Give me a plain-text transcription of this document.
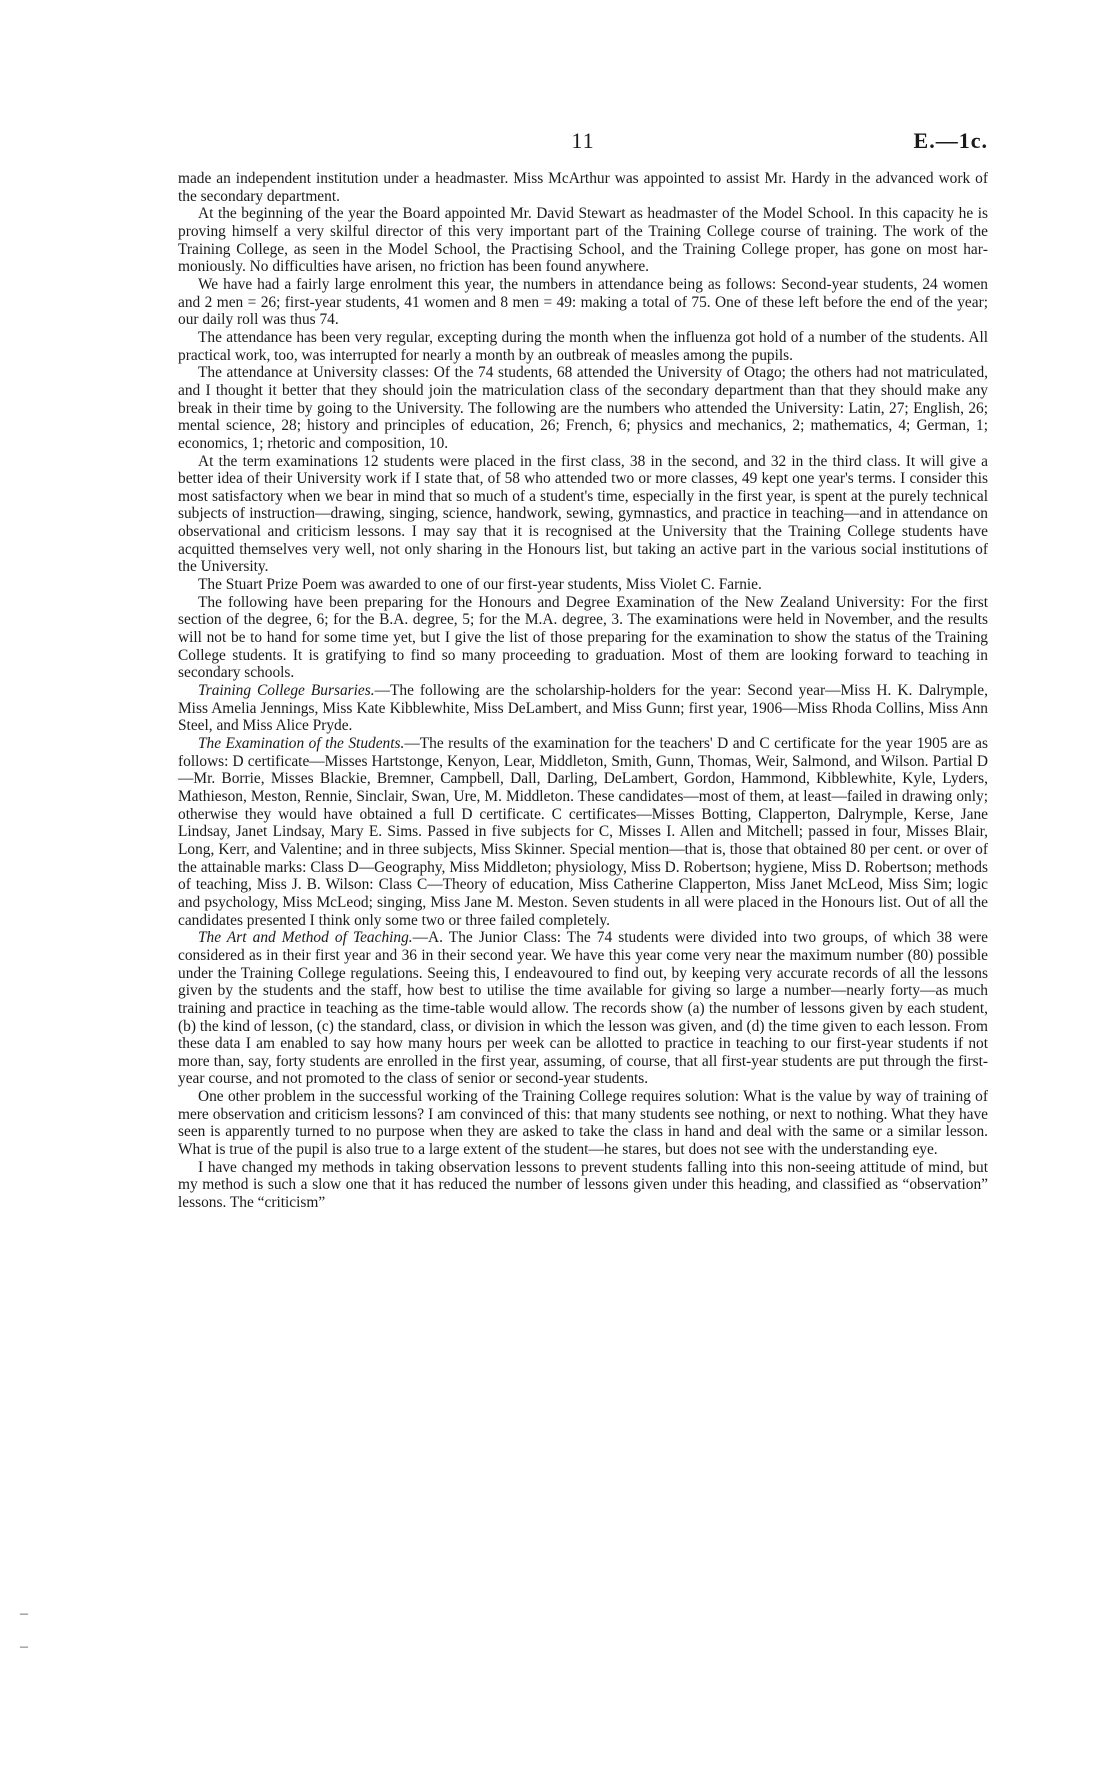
11	E.—1c.

made an independent institution under a headmaster. Miss McArthur was appointed to assist Mr. Hardy in the advanced work of the secondary department.

At the beginning of the year the Board appointed Mr. David Stewart as headmaster of the Model School. In this capacity he is proving himself a very skilful director of this very important part of the Training College course of training. The work of the Training College, as seen in the Model School, the Practising School, and the Training College proper, has gone on most harmoniously. No difficulties have arisen, no friction has been found anywhere.

We have had a fairly large enrolment this year, the numbers in attendance being as follows: Second-year students, 24 women and 2 men = 26; first-year students, 41 women and 8 men = 49: making a total of 75. One of these left before the end of the year; our daily roll was thus 74.

The attendance has been very regular, excepting during the month when the influenza got hold of a number of the students. All practical work, too, was interrupted for nearly a month by an outbreak of measles among the pupils.

The attendance at University classes: Of the 74 students, 68 attended the University of Otago; the others had not matriculated, and I thought it better that they should join the matriculation class of the secondary department than that they should make any break in their time by going to the University. The following are the numbers who attended the University: Latin, 27; English, 26; mental science, 28; history and principles of education, 26; French, 6; physics and mechanics, 2; mathematics, 4; German, 1; economics, 1; rhetoric and composition, 10.

At the term examinations 12 students were placed in the first class, 38 in the second, and 32 in the third class. It will give a better idea of their University work if I state that, of 58 who attended two or more classes, 49 kept one year's terms. I consider this most satisfactory when we bear in mind that so much of a student's time, especially in the first year, is spent at the purely technical subjects of instruction—drawing, singing, science, handwork, sewing, gymnastics, and practice in teaching—and in attendance on observational and criticism lessons. I may say that it is recognised at the University that the Training College students have acquitted themselves very well, not only sharing in the Honours list, but taking an active part in the various social institutions of the University.

The Stuart Prize Poem was awarded to one of our first-year students, Miss Violet C. Farnie.

The following have been preparing for the Honours and Degree Examination of the New Zealand University: For the first section of the degree, 6; for the B.A. degree, 5; for the M.A. degree, 3. The examinations were held in November, and the results will not be to hand for some time yet, but I give the list of those preparing for the examination to show the status of the Training College students. It is gratifying to find so many proceeding to graduation. Most of them are looking forward to teaching in secondary schools.

Training College Bursaries.—The following are the scholarship-holders for the year: Second year—Miss H. K. Dalrymple, Miss Amelia Jennings, Miss Kate Kibblewhite, Miss DeLambert, and Miss Gunn; first year, 1906—Miss Rhoda Collins, Miss Ann Steel, and Miss Alice Pryde.

The Examination of the Students.—The results of the examination for the teachers' D and C certificate for the year 1905 are as follows: D certificate—Misses Hartstonge, Kenyon, Lear, Middleton, Smith, Gunn, Thomas, Weir, Salmond, and Wilson. Partial D—Mr. Borrie, Misses Blackie, Bremner, Campbell, Dall, Darling, DeLambert, Gordon, Hammond, Kibblewhite, Kyle, Lyders, Mathieson, Meston, Rennie, Sinclair, Swan, Ure, M. Middleton. These candidates—most of them, at least—failed in drawing only; otherwise they would have obtained a full D certificate. C certificates—Misses Botting, Clapperton, Dalrymple, Kerse, Jane Lindsay, Janet Lindsay, Mary E. Sims. Passed in five subjects for C, Misses I. Allen and Mitchell; passed in four, Misses Blair, Long, Kerr, and Valentine; and in three subjects, Miss Skinner. Special mention—that is, those that obtained 80 per cent. or over of the attainable marks: Class D—Geography, Miss Middleton; physiology, Miss D. Robertson; hygiene, Miss D. Robertson; methods of teaching, Miss J. B. Wilson: Class C—Theory of education, Miss Catherine Clapperton, Miss Janet McLeod, Miss Sim; logic and psychology, Miss McLeod; singing, Miss Jane M. Meston. Seven students in all were placed in the Honours list. Out of all the candidates presented I think only some two or three failed completely.

The Art and Method of Teaching.—A. The Junior Class: The 74 students were divided into two groups, of which 38 were considered as in their first year and 36 in their second year. We have this year come very near the maximum number (80) possible under the Training College regulations. Seeing this, I endeavoured to find out, by keeping very accurate records of all the lessons given by the students and the staff, how best to utilise the time available for giving so large a number—nearly forty—as much training and practice in teaching as the time-table would allow. The records show (a) the number of lessons given by each student, (b) the kind of lesson, (c) the standard, class, or division in which the lesson was given, and (d) the time given to each lesson. From these data I am enabled to say how many hours per week can be allotted to practice in teaching to our first-year students if not more than, say, forty students are enrolled in the first year, assuming, of course, that all first-year students are put through the first-year course, and not promoted to the class of senior or second-year students.

One other problem in the successful working of the Training College requires solution: What is the value by way of training of mere observation and criticism lessons? I am convinced of this: that many students see nothing, or next to nothing. What they have seen is apparently turned to no purpose when they are asked to take the class in hand and deal with the same or a similar lesson. What is true of the pupil is also true to a large extent of the student—he stares, but does not see with the understanding eye.

I have changed my methods in taking observation lessons to prevent students falling into this non-seeing attitude of mind, but my method is such a slow one that it has reduced the number of lessons given under this heading, and classified as “observation” lessons. The “criticism”

–
–
